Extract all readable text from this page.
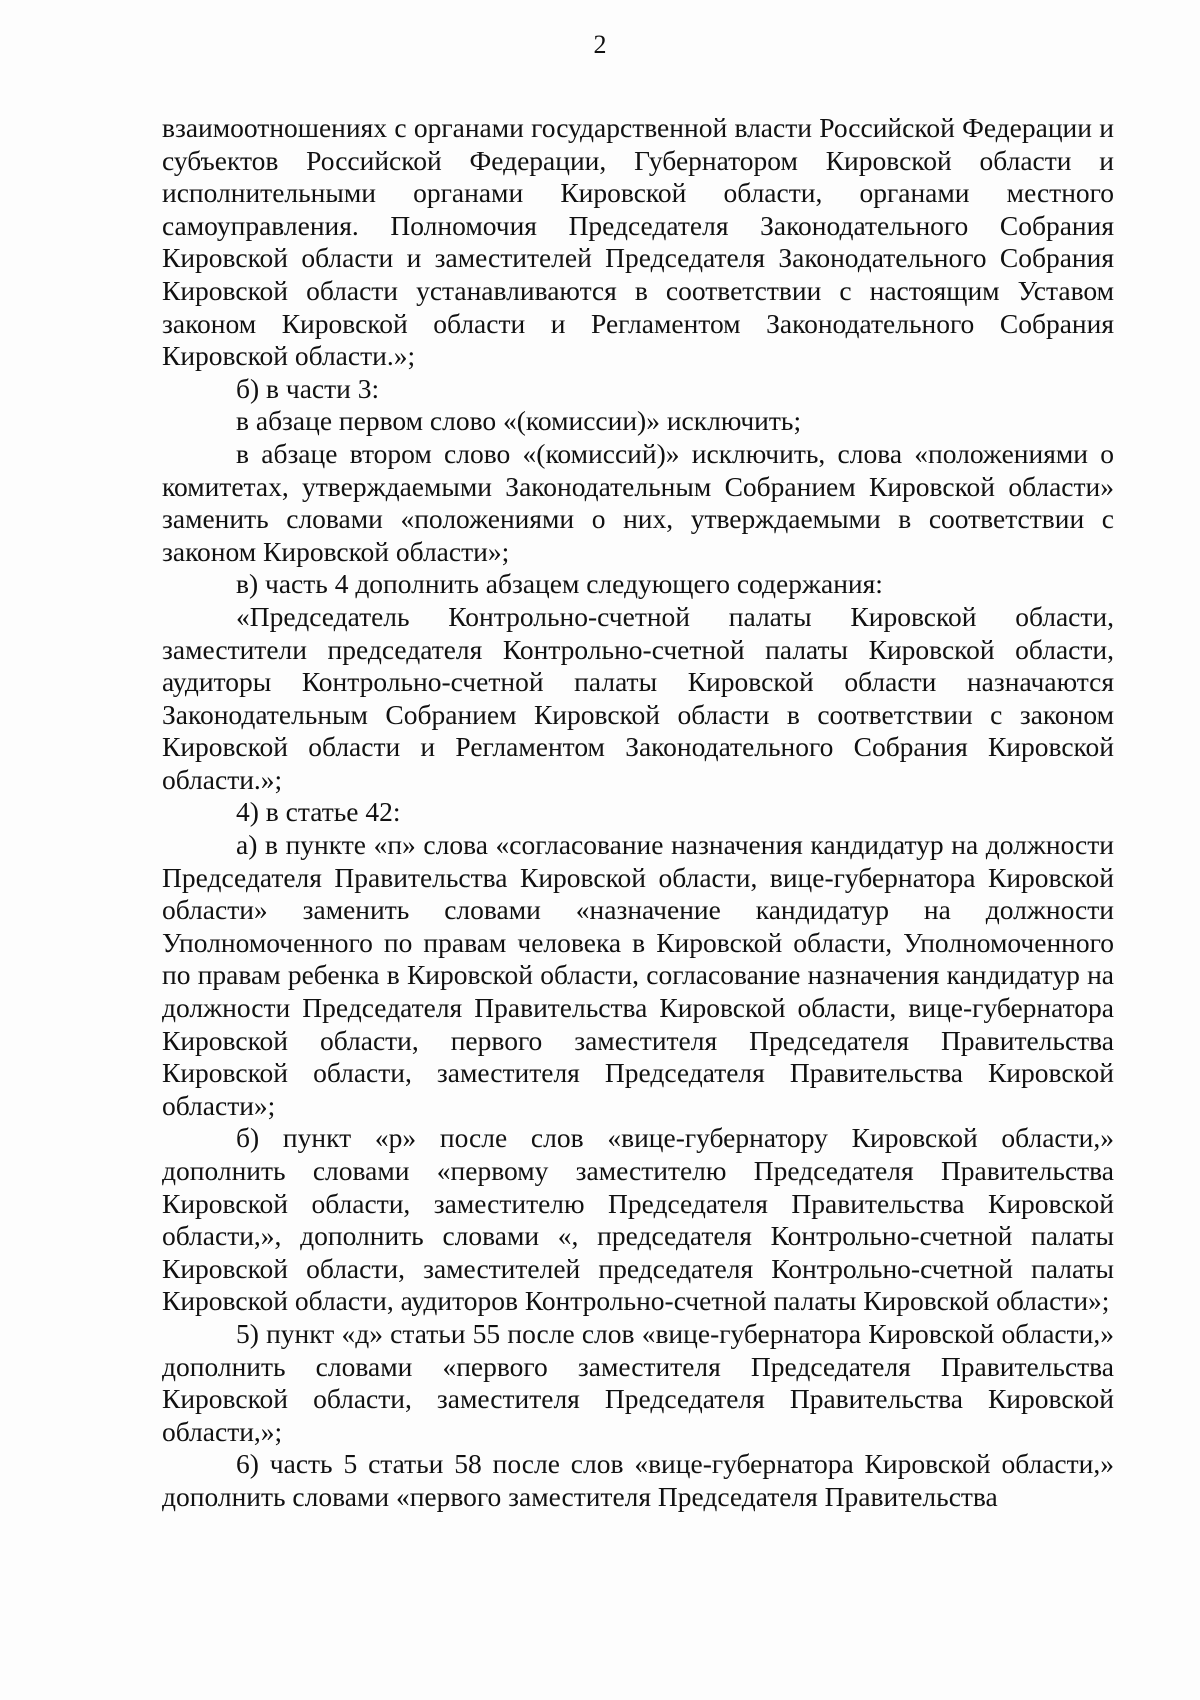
2

взаимоотношениях с органами государственной власти Российской Федерации и субъектов Российской Федерации, Губернатором Кировской области и исполнительными органами Кировской области, органами местного самоуправления. Полномочия Председателя Законодательного Собрания Кировской области и заместителей Председателя Законодательного Собрания Кировской области устанавливаются в соответствии с настоящим Уставом законом Кировской области и Регламентом Законодательного Собрания Кировской области.»;

б) в части 3:

в абзаце первом слово «(комиссии)» исключить;

в абзаце втором слово «(комиссий)» исключить, слова «положениями о комитетах, утверждаемыми Законодательным Собранием Кировской области» заменить словами «положениями о них, утверждаемыми в соответствии с законом Кировской области»;

в) часть 4 дополнить абзацем следующего содержания:

«Председатель Контрольно-счетной палаты Кировской области, заместители председателя Контрольно-счетной палаты Кировской области, аудиторы Контрольно-счетной палаты Кировской области назначаются Законодательным Собранием Кировской области в соответствии с законом Кировской области и Регламентом Законодательного Собрания Кировской области.»;

4) в статье 42:

а) в пункте «п» слова «согласование назначения кандидатур на должности Председателя Правительства Кировской области, вице-губернатора Кировской области» заменить словами «назначение кандидатур на должности Уполномоченного по правам человека в Кировской области, Уполномоченного по правам ребенка в Кировской области, согласование назначения кандидатур на должности Председателя Правительства Кировской области, вице-губернатора Кировской области, первого заместителя Председателя Правительства Кировской области, заместителя Председателя Правительства Кировской области»;

б) пункт «р» после слов «вице-губернатору Кировской области,» дополнить словами «первому заместителю Председателя Правительства Кировской области, заместителю Председателя Правительства Кировской области,», дополнить словами «, председателя Контрольно-счетной палаты Кировской области, заместителей председателя Контрольно-счетной палаты Кировской области, аудиторов Контрольно-счетной палаты Кировской области»;

5) пункт «д» статьи 55 после слов «вице-губернатора Кировской области,» дополнить словами «первого заместителя Председателя Правительства Кировской области, заместителя Председателя Правительства Кировской области,»;

6) часть 5 статьи 58 после слов «вице-губернатора Кировской области,» дополнить словами «первого заместителя Председателя Правительства
